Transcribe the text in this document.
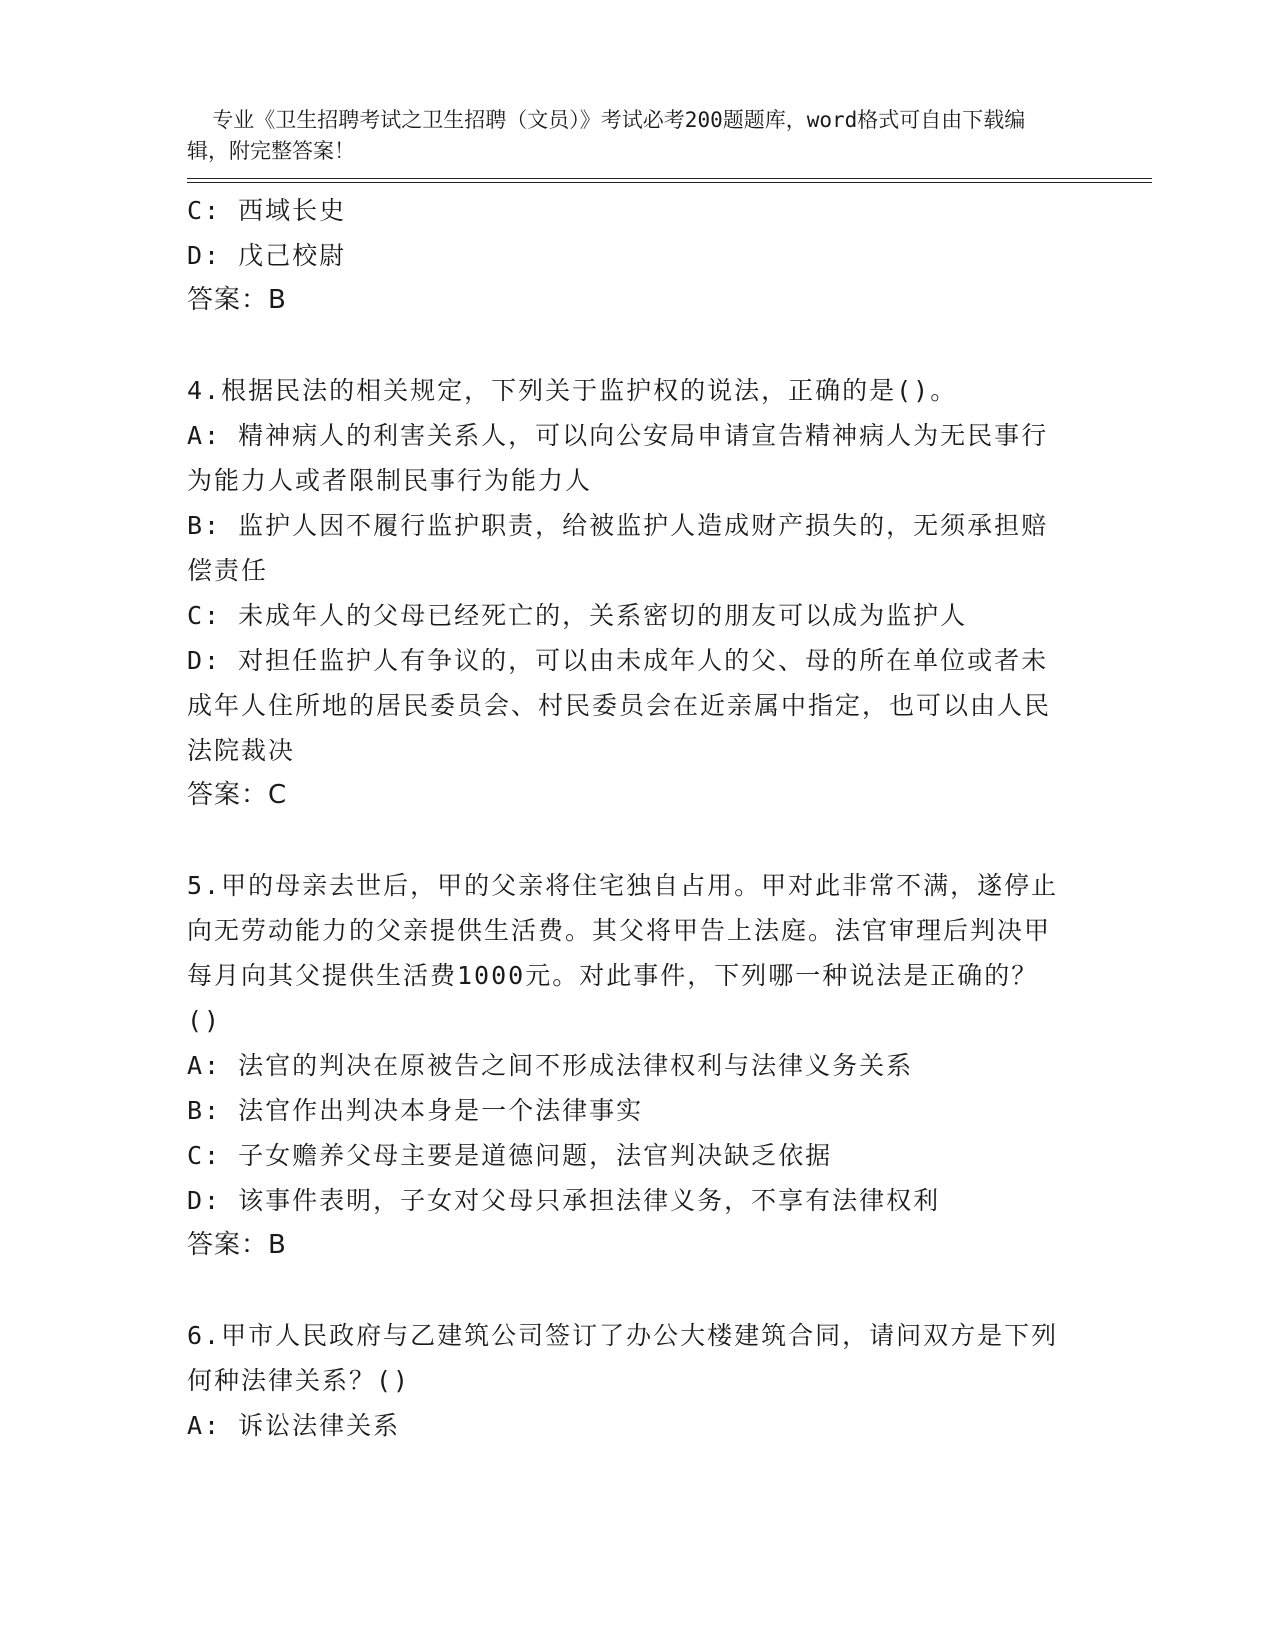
专业《卫生招聘考试之卫生招聘（文员）》考试必考200题题库，word格式可自由下载编辑，附完整答案！

C: 西域长史
D: 戊己校尉
答案：B
4.根据民法的相关规定，下列关于监护权的说法，正确的是()。
A: 精神病人的利害关系人，可以向公安局申请宣告精神病人为无民事行为能力人或者限制民事行为能力人
B: 监护人因不履行监护职责，给被监护人造成财产损失的，无须承担赔偿责任
C: 未成年人的父母已经死亡的，关系密切的朋友可以成为监护人
D: 对担任监护人有争议的，可以由未成年人的父、母的所在单位或者未成年人住所地的居民委员会、村民委员会在近亲属中指定，也可以由人民法院裁决
答案：C
5.甲的母亲去世后，甲的父亲将住宅独自占用。甲对此非常不满，遂停止向无劳动能力的父亲提供生活费。其父将甲告上法庭。法官审理后判决甲每月向其父提供生活费1000元。对此事件，下列哪一种说法是正确的？()
A: 法官的判决在原被告之间不形成法律权利与法律义务关系
B: 法官作出判决本身是一个法律事实
C: 子女赡养父母主要是道德问题，法官判决缺乏依据
D: 该事件表明，子女对父母只承担法律义务，不享有法律权利
答案：B
6.甲市人民政府与乙建筑公司签订了办公大楼建筑合同，请问双方是下列何种法律关系？()
A: 诉讼法律关系
